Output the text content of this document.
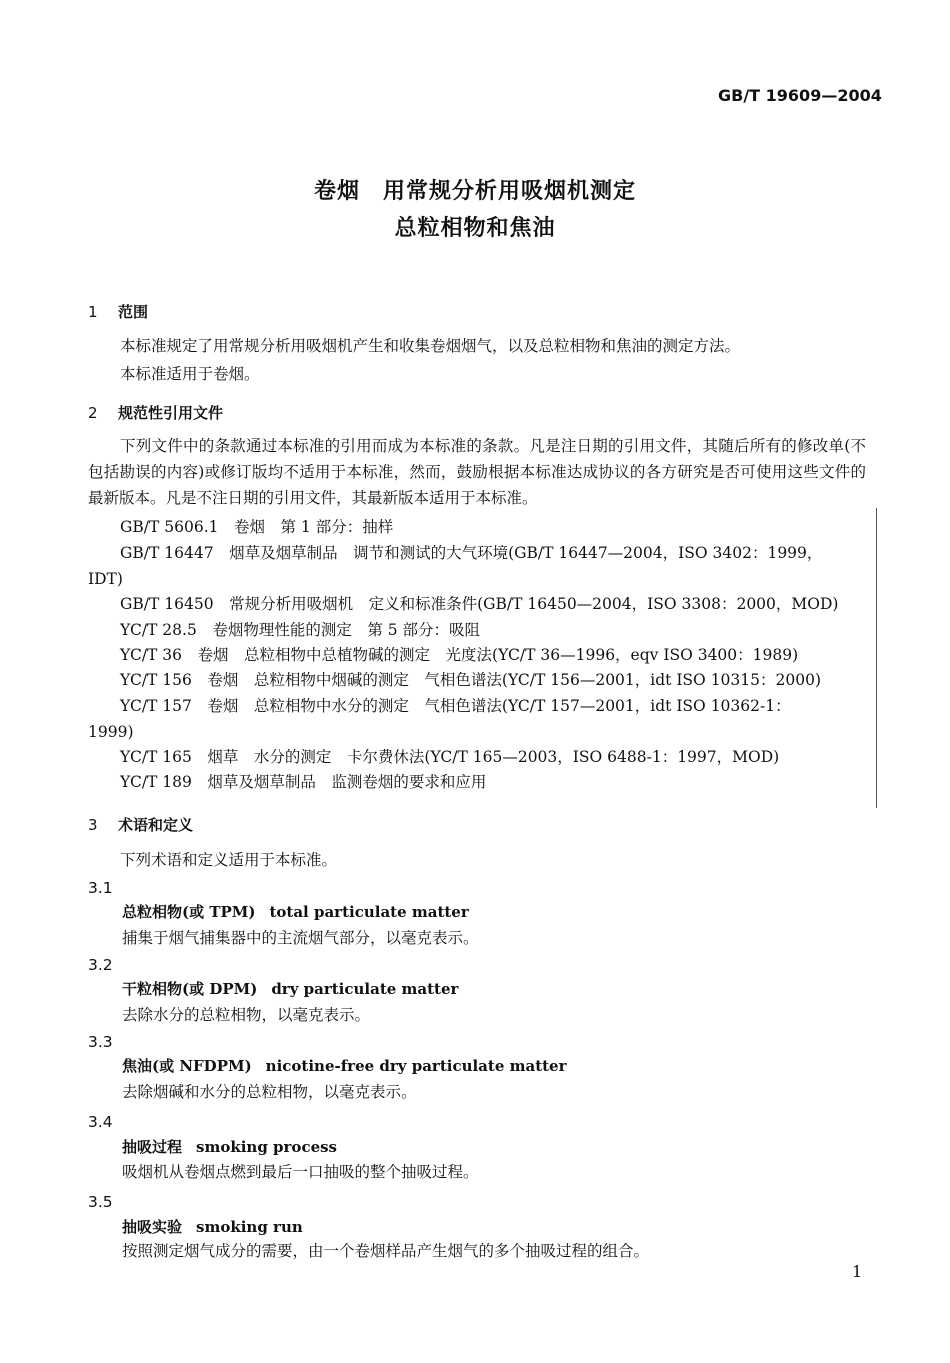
GB/T 19609—2004
卷烟　用常规分析用吸烟机测定
总粒相物和焦油
1 范围
本标准规定了用常规分析用吸烟机产生和收集卷烟烟气，以及总粒相物和焦油的测定方法。
本标准适用于卷烟。
2 规范性引用文件
下列文件中的条款通过本标准的引用而成为本标准的条款。凡是注日期的引用文件，其随后所有的修改单(不包括勘误的内容)或修订版均不适用于本标准，然而，鼓励根据本标准达成协议的各方研究是否可使用这些文件的最新版本。凡是不注日期的引用文件，其最新版本适用于本标准。
GB/T 5606.1　卷烟　第 1 部分：抽样
GB/T 16447　烟草及烟草制品　调节和测试的大气环境(GB/T 16447—2004，ISO 3402：1999，
IDT)
GB/T 16450　常规分析用吸烟机　定义和标准条件(GB/T 16450—2004，ISO 3308：2000，MOD)
YC/T 28.5　卷烟物理性能的测定　第 5 部分：吸阻
YC/T 36　卷烟　总粒相物中总植物碱的测定　光度法(YC/T 36—1996，eqv ISO 3400：1989)
YC/T 156　卷烟　总粒相物中烟碱的测定　气相色谱法(YC/T 156—2001，idt ISO 10315：2000)
YC/T 157　卷烟　总粒相物中水分的测定　气相色谱法(YC/T 157—2001，idt ISO 10362-1：
1999)
YC/T 165　烟草　水分的测定　卡尔费休法(YC/T 165—2003，ISO 6488-1：1997，MOD)
YC/T 189　烟草及烟草制品　监测卷烟的要求和应用
3 术语和定义
下列术语和定义适用于本标准。
3.1
总粒相物(或 TPM) total particulate matter
捕集于烟气捕集器中的主流烟气部分，以毫克表示。
3.2
干粒相物(或 DPM) dry particulate matter
去除水分的总粒相物，以毫克表示。
3.3
焦油(或 NFDPM) nicotine-free dry particulate matter
去除烟碱和水分的总粒相物，以毫克表示。
3.4
抽吸过程 smoking process
吸烟机从卷烟点燃到最后一口抽吸的整个抽吸过程。
3.5
抽吸实验 smoking run
按照测定烟气成分的需要，由一个卷烟样品产生烟气的多个抽吸过程的组合。
1
